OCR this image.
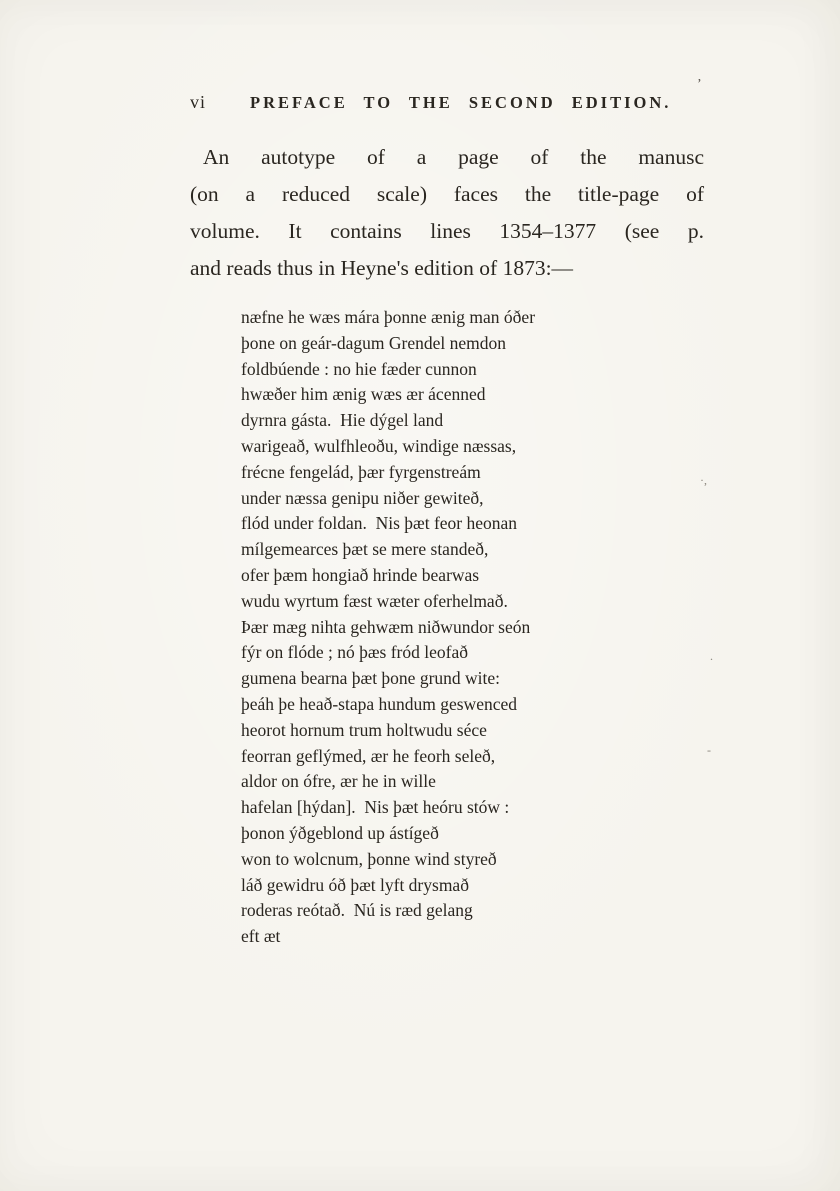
vi	PREFACE TO THE SECOND EDITION.
An autotype of a page of the manusc
(on a reduced scale) faces the title-page of
volume. It contains lines 1354–1377 (see p.
and reads thus in Heyne's edition of 1873:—
næfne he wæs mára þonne ænig man óðer
þone on geár-dagum Grendel nemdon
foldbúende : no hie fæder cunnon
hwæðer him ænig wæs ær ácenned
dyrnra gásta.  Hie dýgel land
warigeað, wulfhleoðu, windige næssas,
frécne fengelád, þær fyrgenstreám
under næssa genipu niðer gewiteð,
flód under foldan.  Nis þæt feor heonan
mílgemearces þæt se mere standeð,
ofer þæm hongiað hrinde bearwas
wudu wyrtum fæst wæter oferhelmað.
Þær mæg nihta gehwæm niðwundor seón
fýr on flóde ; nó þæs fród leofað
gumena bearna þæt þone grund wite:
þeáh þe heað-stapa hundum geswenced
heorot hornum trum holtwudu séce
feorran geflýmed, ær he feorh seleð,
aldor on ófre, ær he in wille
hafelan [hýdan].  Nis þæt heóru stów :
þonon ýðgeblond up ástígeð
won to wolcnum, þonne wind styreð
láð gewidru óð þæt lyft drysmað
roderas reótað.  Nú is ræd gelang
eft æt
’
·,
.
-
